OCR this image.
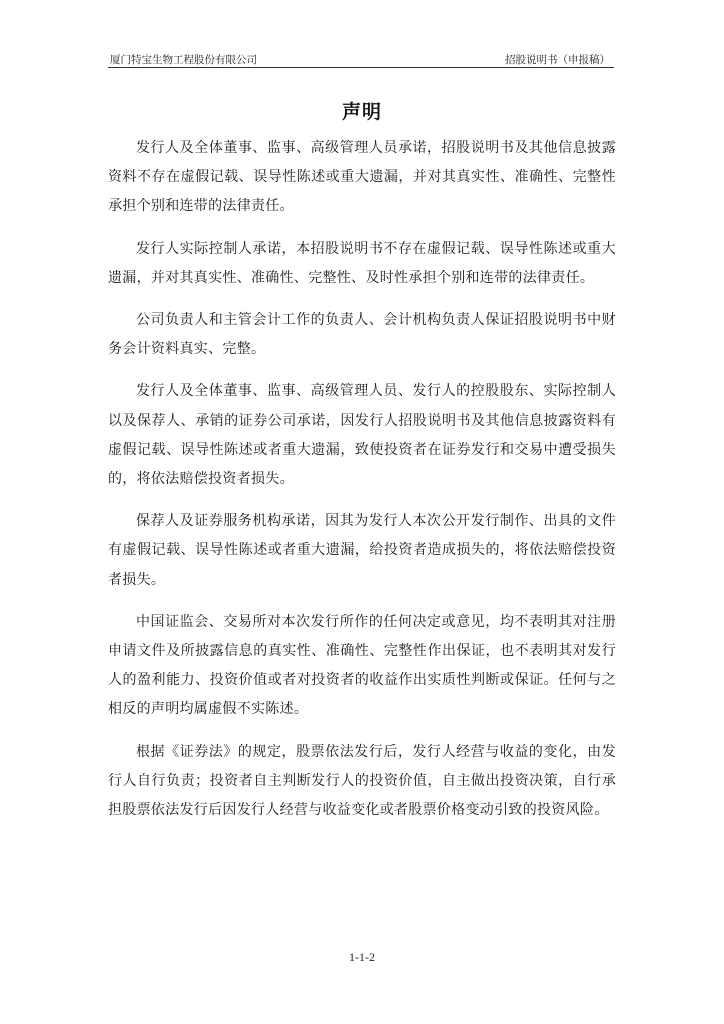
厦门特宝生物工程股份有限公司	招股说明书（申报稿）
声明

发行人及全体董事、监事、高级管理人员承诺，招股说明书及其他信息披露资料不存在虚假记载、误导性陈述或重大遗漏，并对其真实性、准确性、完整性承担个别和连带的法律责任。

发行人实际控制人承诺，本招股说明书不存在虚假记载、误导性陈述或重大遗漏，并对其真实性、准确性、完整性、及时性承担个别和连带的法律责任。

公司负责人和主管会计工作的负责人、会计机构负责人保证招股说明书中财务会计资料真实、完整。

发行人及全体董事、监事、高级管理人员、发行人的控股股东、实际控制人以及保荐人、承销的证券公司承诺，因发行人招股说明书及其他信息披露资料有虚假记载、误导性陈述或者重大遗漏，致使投资者在证券发行和交易中遭受损失的，将依法赔偿投资者损失。

保荐人及证券服务机构承诺，因其为发行人本次公开发行制作、出具的文件有虚假记载、误导性陈述或者重大遗漏，给投资者造成损失的，将依法赔偿投资者损失。

中国证监会、交易所对本次发行所作的任何决定或意见，均不表明其对注册申请文件及所披露信息的真实性、准确性、完整性作出保证，也不表明其对发行人的盈利能力、投资价值或者对投资者的收益作出实质性判断或保证。任何与之相反的声明均属虚假不实陈述。

根据《证券法》的规定，股票依法发行后，发行人经营与收益的变化，由发行人自行负责；投资者自主判断发行人的投资价值，自主做出投资决策，自行承担股票依法发行后因发行人经营与收益变化或者股票价格变动引致的投资风险。

1-1-2
